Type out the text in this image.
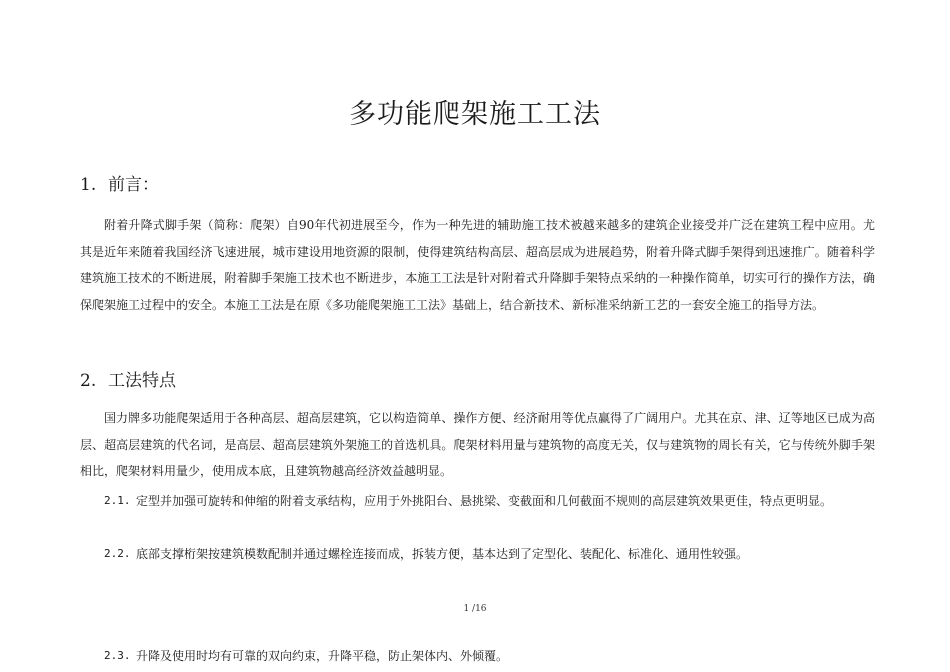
多功能爬架施工工法
1. 前言：

附着升降式脚手架（简称：爬架）自90年代初进展至今，作为一种先进的辅助施工技术被越来越多的建筑企业接受并广泛在建筑工程中应用。尤其是近年来随着我国经济飞速进展，城市建设用地资源的限制，使得建筑结构高层、超高层成为进展趋势，附着升降式脚手架得到迅速推广。随着科学建筑施工技术的不断进展，附着脚手架施工技术也不断进步，本施工工法是针对附着式升降脚手架特点采纳的一种操作简单，切实可行的操作方法，确保爬架施工过程中的安全。本施工工法是在原《多功能爬架施工工法》基础上，结合新技术、新标准采纳新工艺的一套安全施工的指导方法。

2. 工法特点

国力牌多功能爬架适用于各种高层、超高层建筑，它以构造简单、操作方便、经济耐用等优点赢得了广阔用户。尤其在京、津、辽等地区已成为高层、超高层建筑的代名词，是高层、超高层建筑外架施工的首选机具。爬架材料用量与建筑物的高度无关，仅与建筑物的周长有关，它与传统外脚手架相比，爬架材料用量少，使用成本底，且建筑物越高经济效益越明显。

2.1. 定型并加强可旋转和伸缩的附着支承结构，应用于外挑阳台、悬挑梁、变截面和几何截面不规则的高层建筑效果更佳，特点更明显。
2.2. 底部支撑桁架按建筑模数配制并通过螺栓连接而成，拆装方便，基本达到了定型化、装配化、标准化、通用性较强。
1 /16
2.3. 升降及使用时均有可靠的双向约束，升降平稳，防止架体内、外倾覆。
